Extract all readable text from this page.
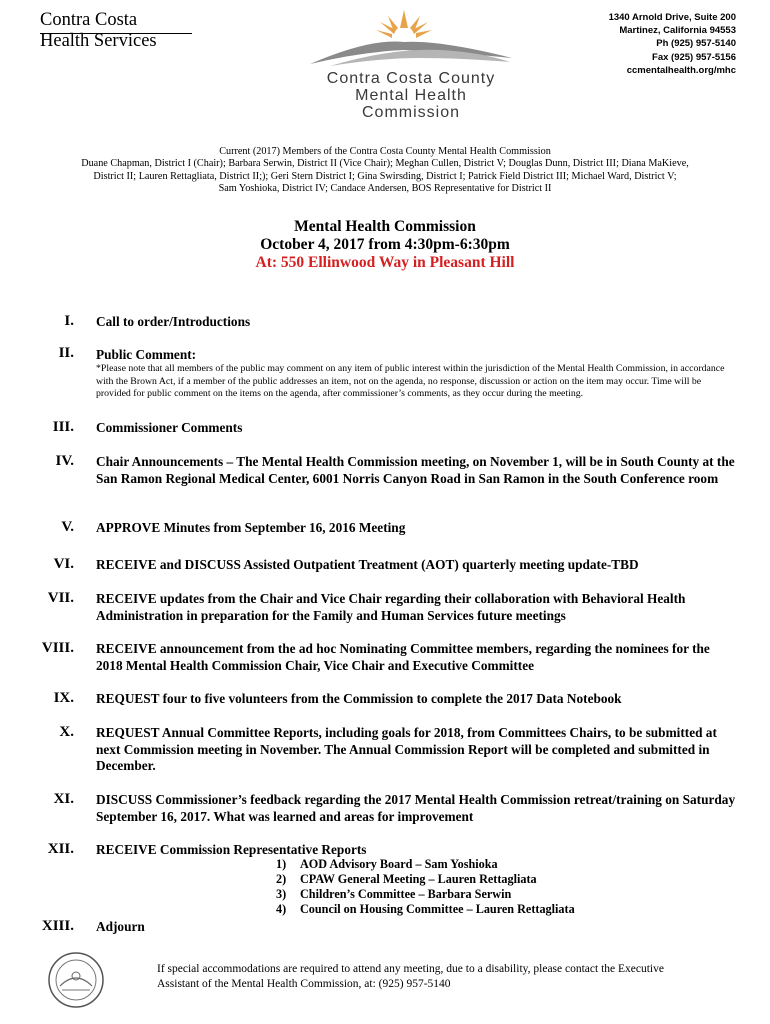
Contra Costa
Health Services
Contra Costa County
Mental Health
Commission
1340 Arnold Drive, Suite 200
Martinez, California 94553
Ph (925) 957-5140
Fax (925) 957-5156
ccmentalhealth.org/mhc
Current (2017) Members of the Contra Costa County Mental Health Commission
Duane Chapman, District I (Chair); Barbara Serwin, District II (Vice Chair); Meghan Cullen, District V; Douglas Dunn, District III; Diana MaKieve,
District II; Lauren Rettagliata, District II;); Geri Stern District I; Gina Swirsding, District I; Patrick Field District III; Michael Ward, District V;
Sam Yoshioka, District IV; Candace Andersen, BOS Representative for District II
Mental Health Commission
October 4, 2017 from 4:30pm-6:30pm
At: 550 Ellinwood Way in Pleasant Hill
I. Call to order/Introductions
II. Public Comment:
*Please note that all members of the public may comment on any item of public interest within the jurisdiction of the Mental Health Commission, in accordance with the Brown Act, if a member of the public addresses an item, not on the agenda, no response, discussion or action on the item may occur. Time will be provided for public comment on the items on the agenda, after commissioner’s comments, as they occur during the meeting.
III. Commissioner Comments
IV. Chair Announcements – The Mental Health Commission meeting, on November 1, will be in South County at the San Ramon Regional Medical Center, 6001 Norris Canyon Road in San Ramon in the South Conference room
V. APPROVE Minutes from September 16, 2016 Meeting
VI. RECEIVE and DISCUSS Assisted Outpatient Treatment (AOT) quarterly meeting update-TBD
VII. RECEIVE updates from the Chair and Vice Chair regarding their collaboration with Behavioral Health Administration in preparation for the Family and Human Services future meetings
VIII. RECEIVE announcement from the ad hoc Nominating Committee members, regarding the nominees for the 2018 Mental Health Commission Chair, Vice Chair and Executive Committee
IX. REQUEST four to five volunteers from the Commission to complete the 2017 Data Notebook
X. REQUEST Annual Committee Reports, including goals for 2018, from Committees Chairs, to be submitted at next Commission meeting in November. The Annual Commission Report will be completed and submitted in December.
XI. DISCUSS Commissioner’s feedback regarding the 2017 Mental Health Commission retreat/training on Saturday September 16, 2017. What was learned and areas for improvement
XII. RECEIVE Commission Representative Reports
1) AOD Advisory Board – Sam Yoshioka
2) CPAW General Meeting – Lauren Rettagliata
3) Children’s Committee – Barbara Serwin
4) Council on Housing Committee – Lauren Rettagliata
XIII. Adjourn
If special accommodations are required to attend any meeting, due to a disability, please contact the Executive
Assistant of the Mental Health Commission, at: (925) 957-5140
